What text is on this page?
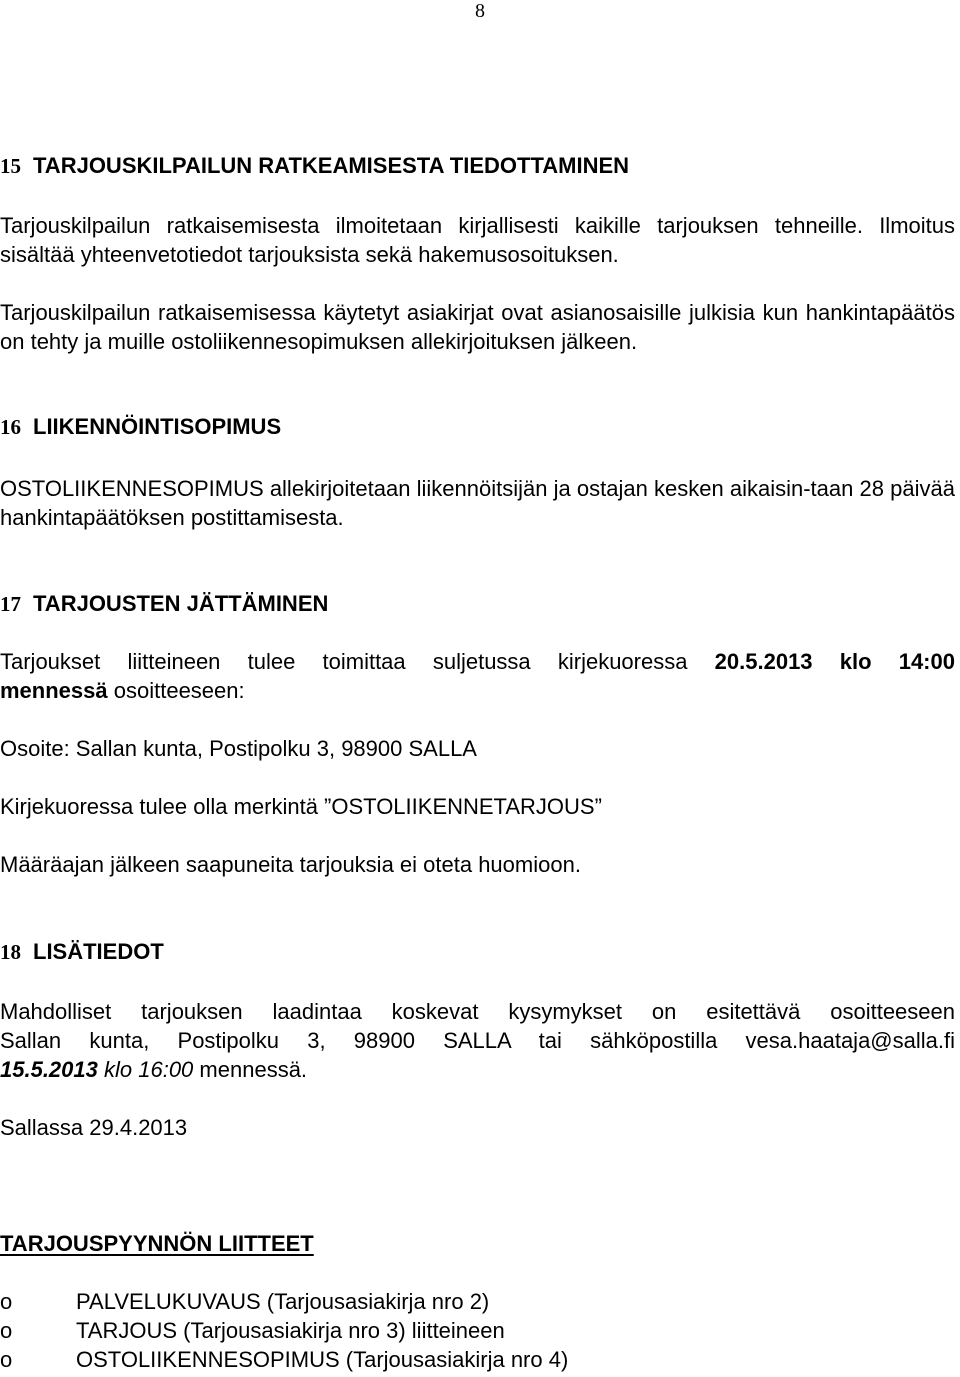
8
15 TARJOUSKILPAILUN RATKEAMISESTA TIEDOTTAMINEN
Tarjouskilpailun ratkaisemisesta ilmoitetaan kirjallisesti kaikille tarjouksen tehneille. Ilmoitus sisältää yhteenvetotiedot tarjouksista sekä hakemusosoituksen.
Tarjouskilpailun ratkaisemisessa käytetyt asiakirjat ovat asianosaisille julkisia kun hankintapäätös on tehty ja muille ostoliikennesopimuksen allekirjoituksen jälkeen.
16 LIIKENNÖINTISOPIMUS
OSTOLIIKENNESOPIMUS allekirjoitetaan liikennöitsijän ja ostajan kesken aikaisin-taan 28 päivää hankintapäätöksen postittamisesta.
17 TARJOUSTEN JÄTTÄMINEN
Tarjoukset liitteineen tulee toimittaa suljetussa kirjekuoressa 20.5.2013 klo 14:00
mennessä osoitteeseen:
Osoite: Sallan kunta, Postipolku 3, 98900 SALLA
Kirjekuoressa tulee olla merkintä ”OSTOLIIKENNETARJOUS”
Määräajan jälkeen saapuneita tarjouksia ei oteta huomioon.
18 LISÄTIEDOT
Mahdolliset tarjouksen laadintaa koskevat kysymykset on esitettävä osoitteeseen
Sallan kunta, Postipolku 3, 98900 SALLA tai sähköpostilla vesa.haataja@salla.fi
15.5.2013 klo 16:00 mennessä.
Sallassa 29.4.2013
TARJOUSPYYNNÖN LIITTEET
o	PALVELUKUVAUS (Tarjousasiakirja nro 2)
o	TARJOUS (Tarjousasiakirja nro 3) liitteineen
o	OSTOLIIKENNESOPIMUS (Tarjousasiakirja nro 4)
